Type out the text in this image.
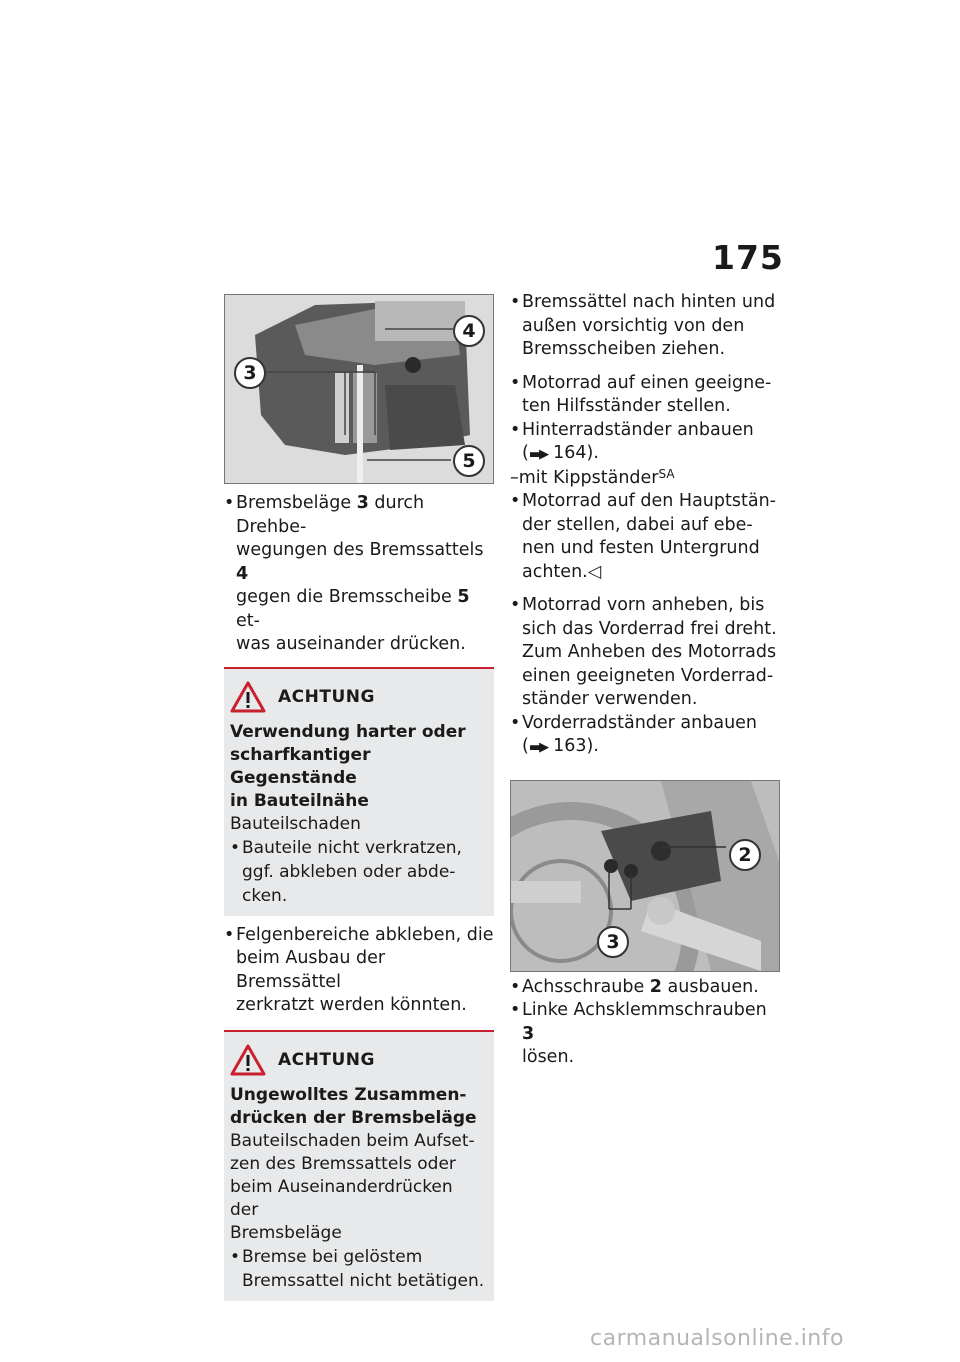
175
3
4
5
• Bremsbeläge 3 durch Drehbe-
wegungen des Bremssattels 4
gegen die Bremsscheibe 5 et-
was auseinander drücken.
ACHTUNG
Verwendung harter oder
scharfkantiger Gegenstände
in Bauteilnähe
Bauteilschaden
• Bauteile nicht verkratzen,
ggf. abkleben oder abde-
cken.
• Felgenbereiche abkleben, die
beim Ausbau der Bremssättel
zerkratzt werden könnten.
ACHTUNG
Ungewolltes Zusammen-
drücken der Bremsbeläge
Bauteilschaden beim Aufset-
zen des Bremssattels oder
beim Auseinanderdrücken der
Bremsbeläge
• Bremse bei gelöstem
Bremssattel nicht betätigen.
• Bremssättel nach hinten und
außen vorsichtig von den
Bremsscheiben ziehen.
• Motorrad auf einen geeigne-
ten Hilfsständer stellen.
• Hinterradständer anbauen
(▬▶ 164).
–mit Kippständer$^{SA}$
• Motorrad auf den Hauptstän-
der stellen, dabei auf ebe-
nen und festen Untergrund
achten.◁
• Motorrad vorn anheben, bis
sich das Vorderrad frei dreht.
Zum Anheben des Motorrads
einen geeigneten Vorderrad-
ständer verwenden.
• Vorderradständer anbauen
(▬▶ 163).
2
3
• Achsschraube 2 ausbauen.
• Linke Achsklemmschrauben 3
lösen.
carmanualsonline.info
